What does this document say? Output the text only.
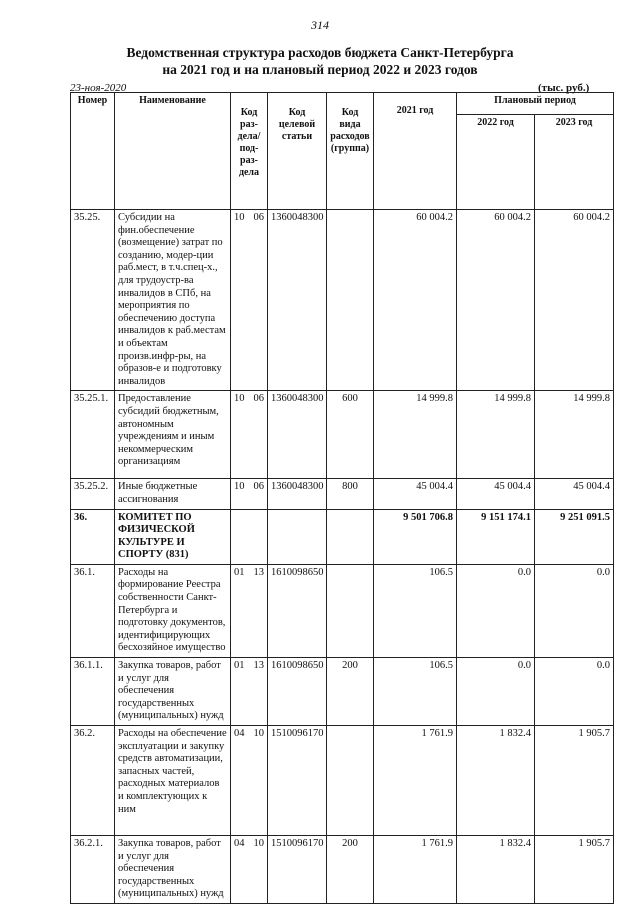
314
Ведомственная структура расходов бюджета Санкт-Петербурга
на 2021 год и на плановый период 2022 и 2023 годов
23-ноя-2020	(тыс. руб.)
Номер	Наименование	Код раз-дела/ под-раз-дела	Код целевой статьи	Код вида расходов (группа)	2021 год	Плановый период	
						2022 год	2023 год
35.25.	Субсидии на фин.обеспечение (возмещение) затрат по созданию, модер-ции раб.мест, в т.ч.спец-х., для трудоустр-ва инвалидов в СПб, на мероприятия по обеспечению доступа инвалидов к раб.местам и объектам произв.инфр-ры, на образов-е и подготовку инвалидов	10 06	1360048300		60 004.2	60 004.2	60 004.2
35.25.1.	Предоставление субсидий бюджетным, автономным учреждениям и иным некоммерческим организациям	10 06	1360048300	600	14 999.8	14 999.8	14 999.8
35.25.2.	Иные бюджетные ассигнования	10 06	1360048300	800	45 004.4	45 004.4	45 004.4
36.	КОМИТЕТ ПО ФИЗИЧЕСКОЙ КУЛЬТУРЕ И СПОРТУ (831)				9 501 706.8	9 151 174.1	9 251 091.5
36.1.	Расходы на формирование Реестра собственности Санкт-Петербурга и подготовку документов, идентифицирующих бесхозяйное имущество	01 13	1610098650		106.5	0.0	0.0
36.1.1.	Закупка товаров, работ и услуг для обеспечения государственных (муниципальных) нужд	01 13	1610098650	200	106.5	0.0	0.0
36.2.	Расходы на обеспечение эксплуатации и закупку средств автоматизации, запасных частей, расходных материалов и комплектующих к ним	04 10	1510096170		1 761.9	1 832.4	1 905.7
36.2.1.	Закупка товаров, работ и услуг для обеспечения государственных (муниципальных) нужд	04 10	1510096170	200	1 761.9	1 832.4	1 905.7
